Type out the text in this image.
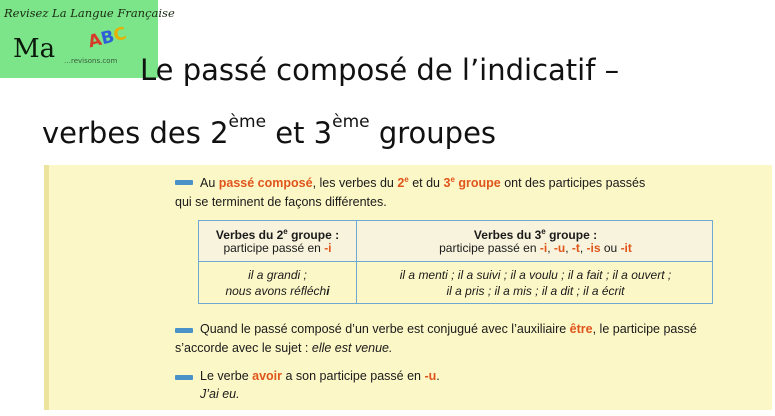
Revisez La Langue Française
Ma ABC
…revisons.com Le passé composé de l’indicatif –
verbes des 2ème et 3ème groupes
Au passé composé, les verbes du 2e et du 3e groupe ont des participes passés
qui se terminent de façons différentes.
Verbes du 2e groupe :
participe passé en -i
Verbes du 3e groupe :
participe passé en -i, -u, -t, -is ou -it
il a grandi ;
nous avons réfléchi
il a menti ; il a suivi ; il a voulu ; il a fait ; il a ouvert ;
il a pris ; il a mis ; il a dit ; il a écrit
Quand le passé composé d’un verbe est conjugué avec l’auxiliaire être, le participe passé
s’accorde avec le sujet : elle est venue.
Le verbe avoir a son participe passé en -u.
J’ai eu.
